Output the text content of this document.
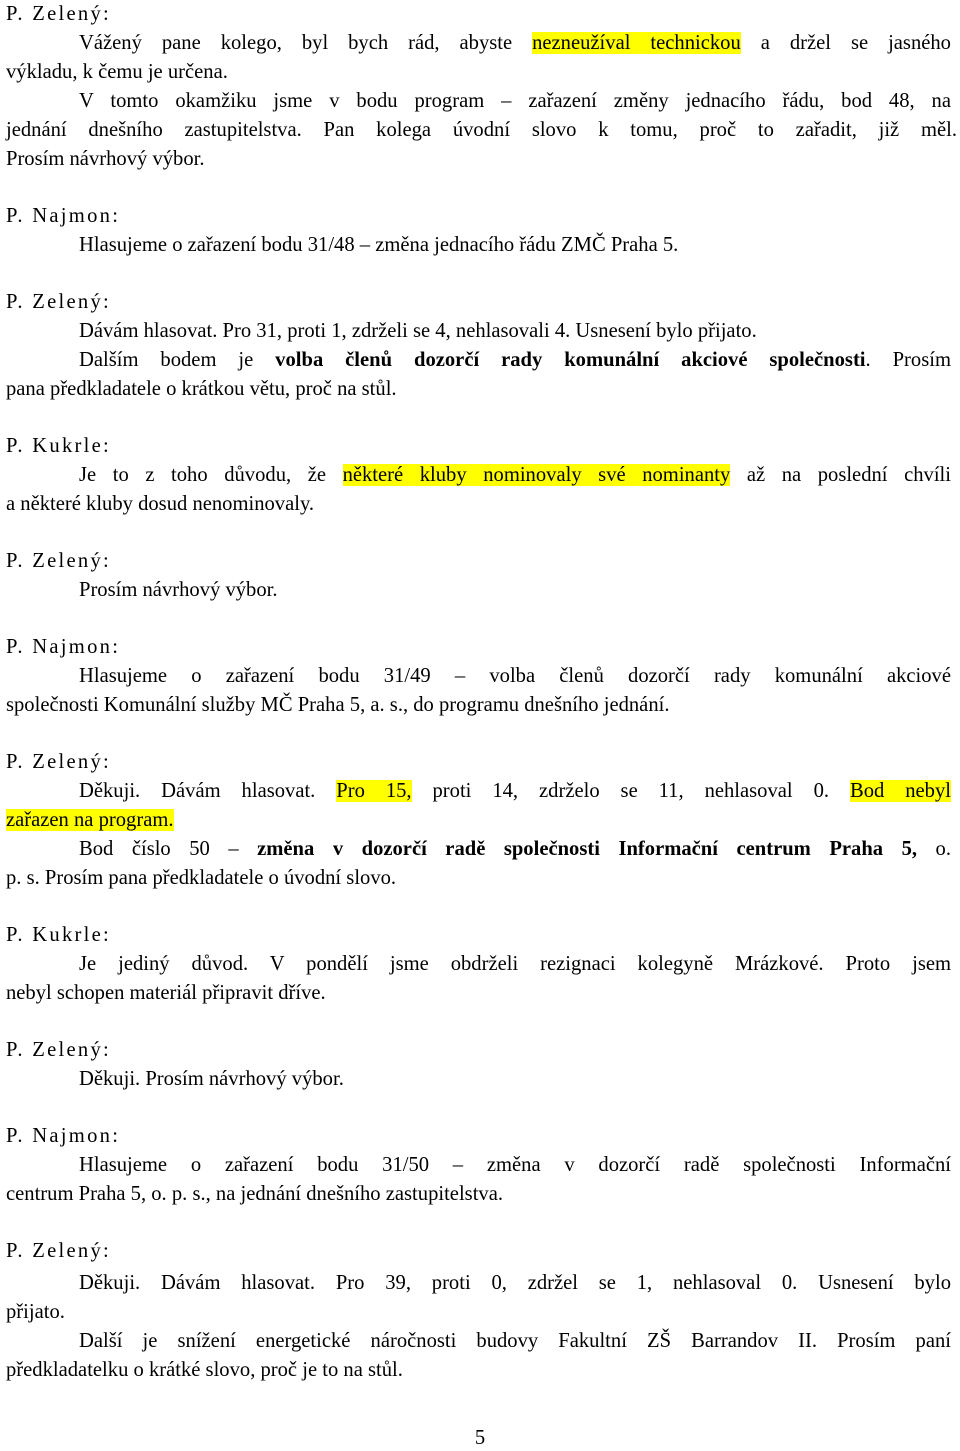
P. Zelený:
Vážený pane kolego, byl bych rád, abyste nezneužíval technickou a držel se jasného
výkladu, k čemu je určena.
V tomto okamžiku jsme v bodu program – zařazení změny jednacího řádu, bod 48, na
jednání dnešního zastupitelstva. Pan kolega úvodní slovo k tomu, proč to zařadit, již měl.
Prosím návrhový výbor.
P. Najmon:
Hlasujeme o zařazení bodu 31/48 – změna jednacího řádu ZMČ Praha 5.
P. Zelený:
Dávám hlasovat. Pro 31, proti 1, zdrželi se 4, nehlasovali 4. Usnesení bylo přijato.
Dalším bodem je volba členů dozorčí rady komunální akciové společnosti. Prosím
pana předkladatele o krátkou větu, proč na stůl.
P. Kukrle:
Je to z toho důvodu, že některé kluby nominovaly své nominanty až na poslední chvíli
a některé kluby dosud nenominovaly.
P. Zelený:
Prosím návrhový výbor.
P. Najmon:
Hlasujeme o zařazení bodu 31/49 – volba členů dozorčí rady komunální akciové
společnosti Komunální služby MČ Praha 5, a. s., do programu dnešního jednání.
P. Zelený:
Děkuji. Dávám hlasovat. Pro 15, proti 14, zdrželo se 11, nehlasoval 0. Bod nebyl
zařazen na program.
Bod číslo 50 – změna v dozorčí radě společnosti Informační centrum Praha 5, o.
p. s. Prosím pana předkladatele o úvodní slovo.
P. Kukrle:
Je jediný důvod. V pondělí jsme obdrželi rezignaci kolegyně Mrázkové. Proto jsem
nebyl schopen materiál připravit dříve.
P. Zelený:
Děkuji. Prosím návrhový výbor.
P. Najmon:
Hlasujeme o zařazení bodu 31/50 – změna v dozorčí radě společnosti Informační
centrum Praha 5, o. p. s., na jednání dnešního zastupitelstva.
P. Zelený:
Děkuji. Dávám hlasovat. Pro 39, proti 0, zdržel se 1, nehlasoval 0. Usnesení bylo
přijato.
Další je snížení energetické náročnosti budovy Fakultní ZŠ Barrandov II. Prosím paní
předkladatelku o krátké slovo, proč je to na stůl.
5
